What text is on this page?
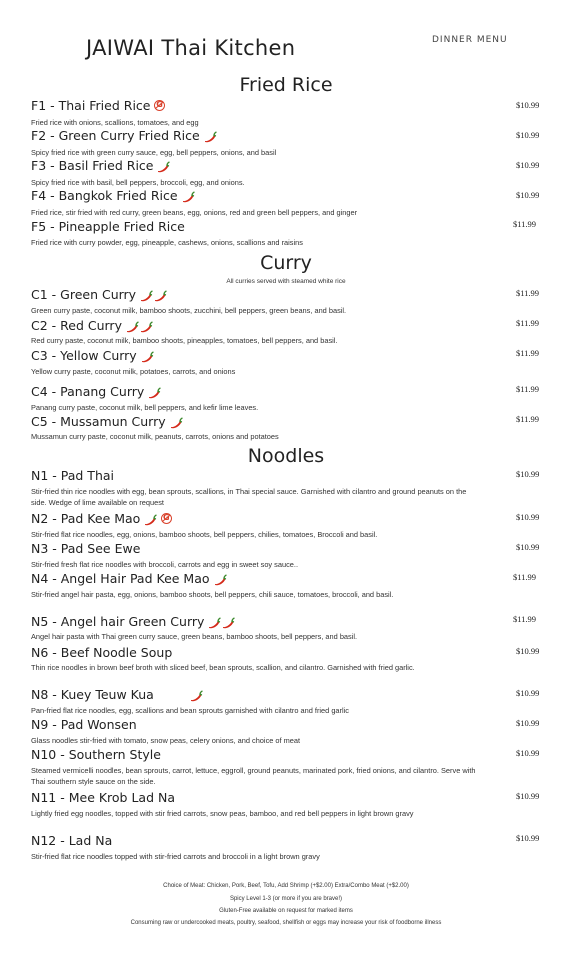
JAIWAI Thai Kitchen	DINNER MENU
Fried Rice
F1 - Thai Fried Rice G	$10.99
Fried rice with onions, scallions, tomatoes, and egg
F2 - Green Curry Fried Rice	$10.99
Spicy fried rice with green curry sauce, egg, bell peppers, onions, and basil
F3 - Basil Fried Rice	$10.99
Spicy fried rice with basil, bell peppers, broccoli, egg, and onions.
F4 - Bangkok Fried Rice	$10.99
Fried rice, stir fried with red curry, green beans, egg, onions, red and green bell peppers, and ginger
F5 - Pineapple Fried Rice	$11.99
Fried rice with curry powder, egg, pineapple, cashews, onions, scallions and raisins
Curry
All curries served with steamed white rice
C1 - Green Curry	$11.99
Green curry paste, coconut milk, bamboo shoots, zucchini, bell peppers, green beans, and basil.
C2 - Red Curry	$11.99
Red curry paste, coconut milk, bamboo shoots, pineapples, tomatoes, bell peppers, and basil.
C3 - Yellow Curry	$11.99
Yellow curry paste, coconut milk, potatoes, carrots, and onions
C4 - Panang Curry	$11.99
Panang curry paste, coconut milk, bell peppers, and kefir lime leaves.
C5 - Mussamun Curry	$11.99
Mussamun curry paste, coconut milk, peanuts, carrots, onions and potatoes
Noodles
N1 - Pad Thai	$10.99
Stir-fried thin rice noodles with egg, bean sprouts, scallions, in Thai special sauce. Garnished with cilantro and ground peanuts on the side. Wedge of lime available on request
N2 - Pad Kee Mao G	$10.99
Stir-fried flat rice noodles, egg, onions, bamboo shoots, bell peppers, chilies, tomatoes, Broccoli and basil.
N3 - Pad See Ewe	$10.99
Stir-fried fresh flat rice noodles with broccoli, carrots and egg in sweet soy sauce..
N4 - Angel Hair Pad Kee Mao	$11.99
Stir-fried angel hair pasta, egg, onions, bamboo shoots, bell peppers, chili sauce, tomatoes, broccoli, and basil.
N5 - Angel hair Green Curry	$11.99
Angel hair pasta with Thai green curry sauce, green beans, bamboo shoots, bell peppers, and basil.
N6 - Beef Noodle Soup	$10.99
Thin rice noodles in brown beef broth with sliced beef, bean sprouts, scallion, and cilantro. Garnished with fried garlic.
N8 - Kuey Teuw Kua	$10.99
Pan-fried flat rice noodles, egg, scallions and bean sprouts garnished with cilantro and fried garlic
N9 - Pad Wonsen	$10.99
Glass noodles stir-fried with tomato, snow peas, celery onions, and choice of meat
N10 - Southern Style	$10.99
Steamed vermicelli noodles, bean sprouts, carrot, lettuce, eggroll, ground peanuts, marinated pork, fried onions, and cilantro. Serve with Thai southern style sauce on the side.
N11 - Mee Krob Lad Na	$10.99
Lightly fried egg noodles, topped with stir fried carrots, snow peas, bamboo, and red bell peppers in light brown gravy
N12 - Lad Na	$10.99
Stir-fried flat rice noodles topped with stir-fried carrots and broccoli in a light brown gravy
Choice of Meat: Chicken, Pork, Beef, Tofu, Add Shrimp (+$2.00) Extra/Combo Meat (+$2.00)
Spicy Level 1-3 (or more if you are brave!)
Gluten-Free available on request for marked items
Consuming raw or undercooked meats, poultry, seafood, shellfish or eggs may increase your risk of foodborne illness
